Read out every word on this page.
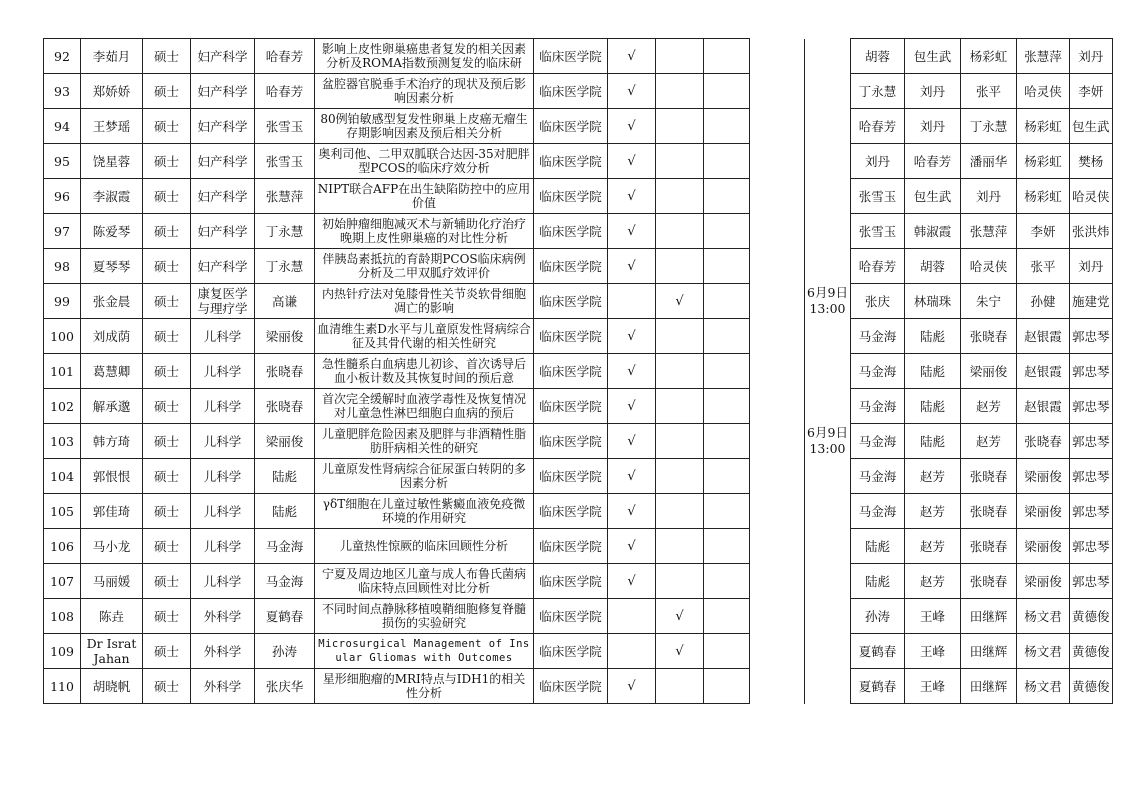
92	李茹月	硕士	妇产科学	哈春芳	影响上皮性卵巢癌患者复发的相关因素分析及ROMA指数预测复发的临床研	临床医学院	√					胡蓉	包生武	杨彩虹	张慧萍	刘丹
93	郑娇娇	硕士	妇产科学	哈春芳	盆腔器官脱垂手术治疗的现状及预后影响因素分析	临床医学院	√					丁永慧	刘丹	张平	哈灵侠	李妍
94	王梦瑶	硕士	妇产科学	张雪玉	80例铂敏感型复发性卵巢上皮癌无瘤生存期影响因素及预后相关分析	临床医学院	√					哈春芳	刘丹	丁永慧	杨彩虹	包生武
95	饶星蓉	硕士	妇产科学	张雪玉	奥利司他、二甲双胍联合达因-35对肥胖型PCOS的临床疗效分析	临床医学院	√					刘丹	哈春芳	潘丽华	杨彩虹	樊杨
96	李淑霞	硕士	妇产科学	张慧萍	NIPT联合AFP在出生缺陷防控中的应用价值	临床医学院	√					张雪玉	包生武	刘丹	杨彩虹	哈灵侠
97	陈爱琴	硕士	妇产科学	丁永慧	初始肿瘤细胞减灭术与新辅助化疗治疗晚期上皮性卵巢癌的对比性分析	临床医学院	√					张雪玉	韩淑霞	张慧萍	李妍	张洪炜
98	夏琴琴	硕士	妇产科学	丁永慧	伴胰岛素抵抗的育龄期PCOS临床病例分析及二甲双胍疗效评价	临床医学院	√					哈春芳	胡蓉	哈灵侠	张平	刘丹
99	张金晨	硕士	康复医学与理疗学	高谦	内热针疗法对兔膝骨性关节炎软骨细胞凋亡的影响	临床医学院		√			6月9日 13:00	张庆	林瑞珠	朱宁	孙健	施建党
100	刘成荫	硕士	儿科学	梁丽俊	血清维生素D水平与儿童原发性肾病综合征及其骨代谢的相关性研究	临床医学院	√					马金海	陆彪	张晓春	赵银霞	郭忠琴
101	葛慧卿	硕士	儿科学	张晓春	急性髓系白血病患儿初诊、首次诱导后血小板计数及其恢复时间的预后意	临床医学院	√					马金海	陆彪	梁丽俊	赵银霞	郭忠琴
102	解承邈	硕士	儿科学	张晓春	首次完全缓解时血液学毒性及恢复情况对儿童急性淋巴细胞白血病的预后	临床医学院	√					马金海	陆彪	赵芳	赵银霞	郭忠琴
103	韩方琦	硕士	儿科学	梁丽俊	儿童肥胖危险因素及肥胖与非酒精性脂肪肝病相关性的研究	临床医学院	√				6月9日 13:00	马金海	陆彪	赵芳	张晓春	郭忠琴
104	郭恨恨	硕士	儿科学	陆彪	儿童原发性肾病综合征尿蛋白转阴的多因素分析	临床医学院	√					马金海	赵芳	张晓春	梁丽俊	郭忠琴
105	郭佳琦	硕士	儿科学	陆彪	γδT细胞在儿童过敏性紫癜血液免疫微环境的作用研究	临床医学院	√					马金海	赵芳	张晓春	梁丽俊	郭忠琴
106	马小龙	硕士	儿科学	马金海	儿童热性惊厥的临床回顾性分析	临床医学院	√					陆彪	赵芳	张晓春	梁丽俊	郭忠琴
107	马丽媛	硕士	儿科学	马金海	宁夏及周边地区儿童与成人布鲁氏菌病临床特点回顾性对比分析	临床医学院	√					陆彪	赵芳	张晓春	梁丽俊	郭忠琴
108	陈垚	硕士	外科学	夏鹤春	不同时间点静脉移植嗅鞘细胞修复脊髓损伤的实验研究	临床医学院		√				孙涛	王峰	田继辉	杨文君	黄德俊
109	Dr Israt Jahan	硕士	外科学	孙涛	Microsurgical Management of Insular Gliomas with Outcomes	临床医学院		√				夏鹤春	王峰	田继辉	杨文君	黄德俊
110	胡晓帆	硕士	外科学	张庆华	星形细胞瘤的MRI特点与IDH1的相关性分析	临床医学院	√					夏鹤春	王峰	田继辉	杨文君	黄德俊
